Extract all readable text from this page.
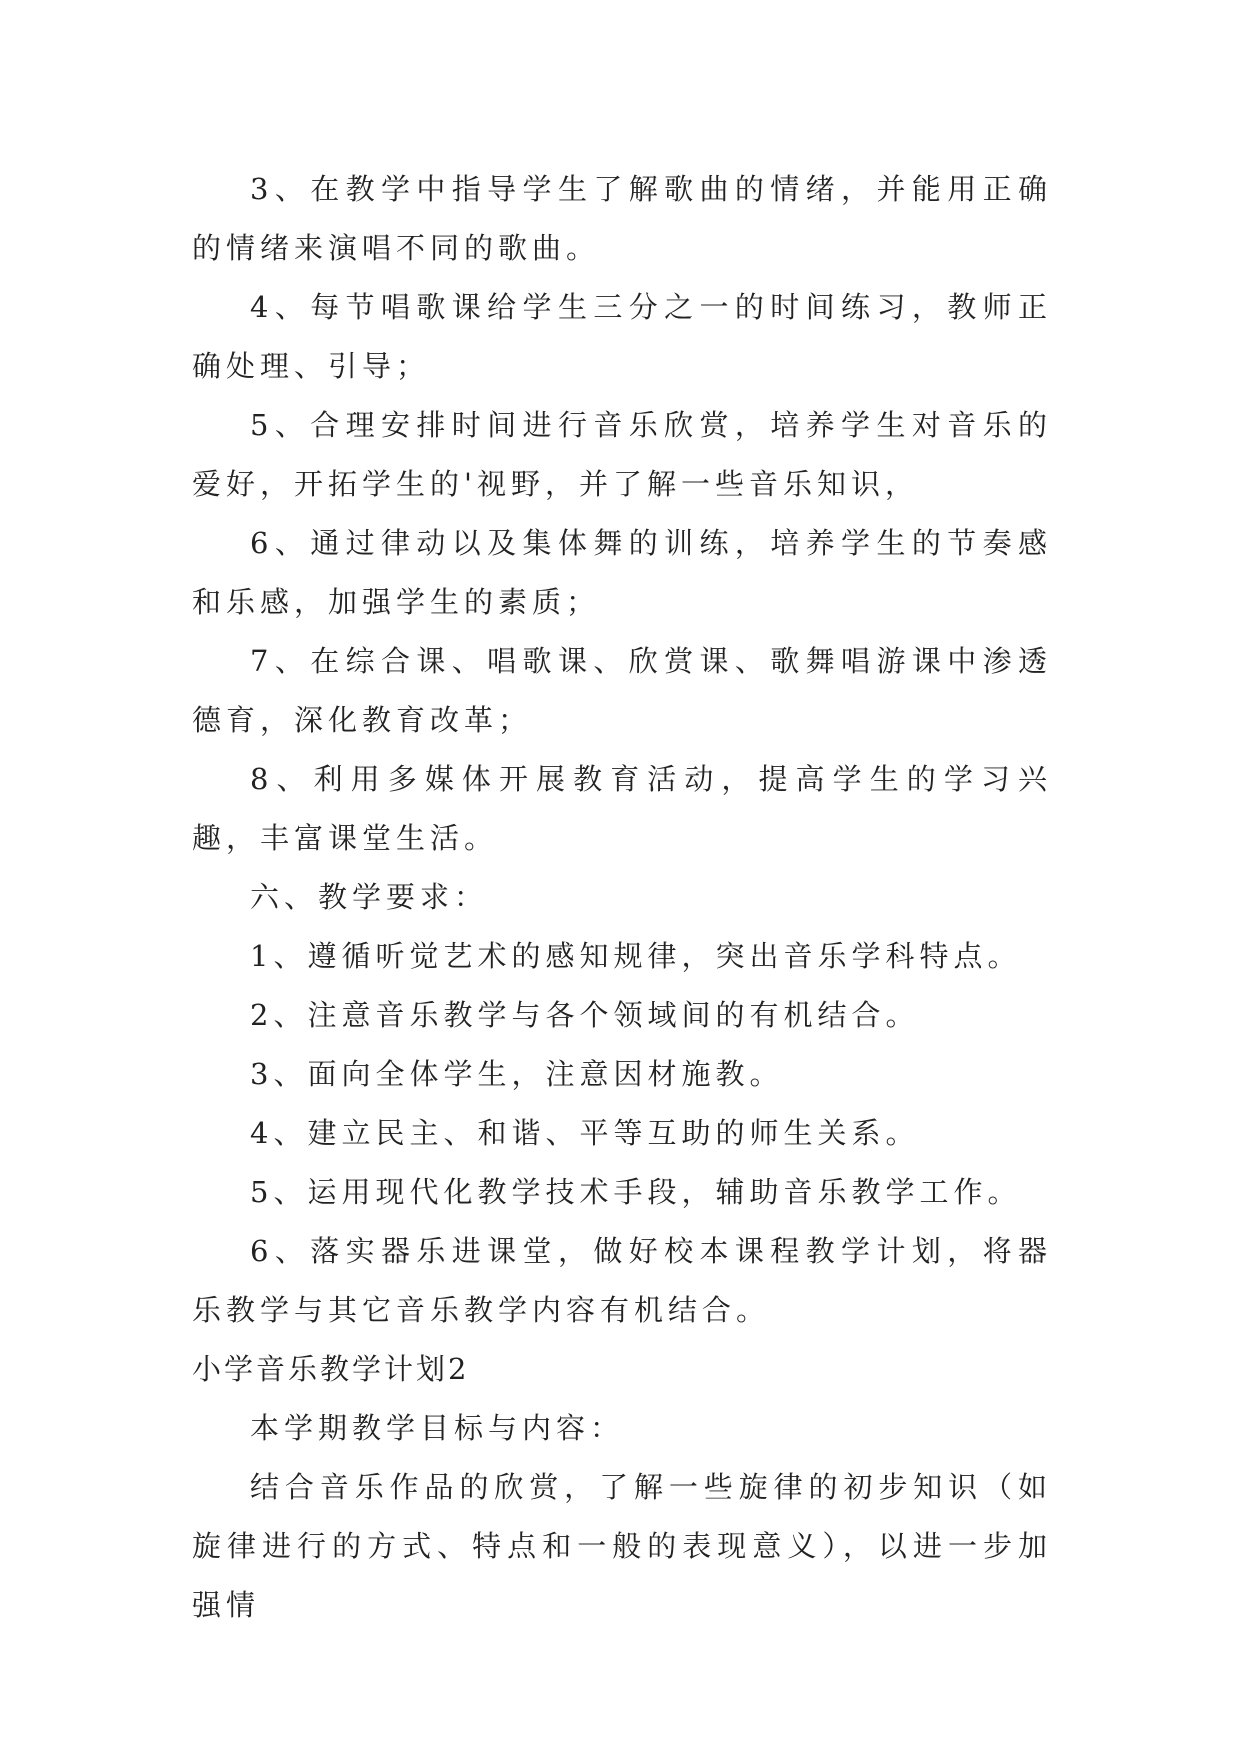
3、在教学中指导学生了解歌曲的情绪，并能用正确的情绪来演唱不同的歌曲。

4、每节唱歌课给学生三分之一的时间练习，教师正确处理、引导；

5、合理安排时间进行音乐欣赏，培养学生对音乐的爱好，开拓学生的'视野，并了解一些音乐知识，

6、通过律动以及集体舞的训练，培养学生的节奏感和乐感，加强学生的素质；

7、在综合课、唱歌课、欣赏课、歌舞唱游课中渗透德育，深化教育改革；

8、利用多媒体开展教育活动，提高学生的学习兴趣，丰富课堂生活。

六、教学要求：

1、遵循听觉艺术的感知规律，突出音乐学科特点。

2、注意音乐教学与各个领域间的有机结合。

3、面向全体学生，注意因材施教。

4、建立民主、和谐、平等互助的师生关系。

5、运用现代化教学技术手段，辅助音乐教学工作。

6、落实器乐进课堂，做好校本课程教学计划，将器乐教学与其它音乐教学内容有机结合。

小学音乐教学计划2

本学期教学目标与内容：

结合音乐作品的欣赏，了解一些旋律的初步知识（如旋律进行的方式、特点和一般的表现意义），以进一步加强情
